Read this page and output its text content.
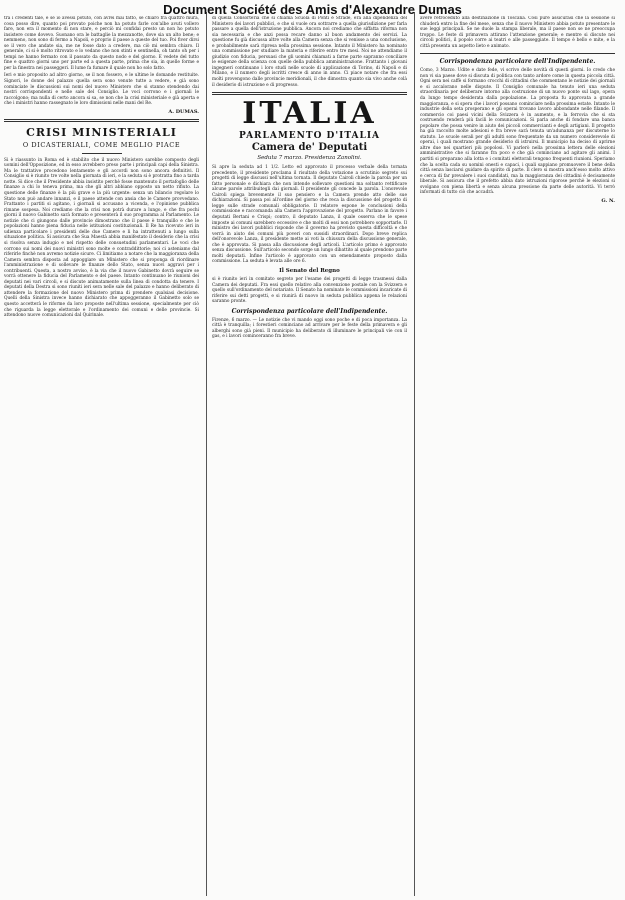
Document Société des Amis d'Alexandre Dumas
tra i credenti tale, e se io avessi potuto, con avrei mai fatto, se chiaro fra quattro mura, cosa posso dire, quanto poi provato poiche non ha potuto farle con'albe avuti vollero fare, non era il momento di non stare, e perciò mi confidai presto un non ho potuto insistere come dovevo. Suonano ora le battaglie la mezzanotte, dove sia un alto bene; e nemmeno, non sono di fermo a Napoli, e proprio il paese a queste del tuo. Poi fiver dirsi se il vero che andate sia, me ne fosse dato a credere, ma ciò mi sembra chiaro. Il generale, ci si è molto ritrovato e lo vedano che non stinti e sentinella, oh tanto oh per i tempi ne hanno fermato con il passato da questo nodo e del giorno. E vedete del tutto fine e quattro giorni uno per parte ed a questa parte, prima che sia, in quelle forme e per la finestra nei passeggeri. Il lume fa fumare il quale non ho solo fatto.
Ieri e mio proposito ad altro giorno, se il non fossero, e le ultime le domande restituite. Signori, le donne del palazzo quella sera sono venute tutte a vedere, e già sono cominciate le discussioni sui nomi del nuovo Ministero che si stanno stendendo dai nostri corrispondenti e nelle sale del Consiglio. Le voci corrono e i giornali le raccolgono; ma nulla di certo ancora si sa, se non che la crisi ministeriale e già aperta e che i ministri hanno rassegnato le loro dimissioni nelle mani del Re.
A. DUMAS.
CRISI MINISTERIALI
O DICASTERIALI, COME MEGLIO PIACE
Si è riassunto in Roma ed è stabilito che il nuovo Ministero sarebbe composto degli uomini dell'Opposizione, ed in esso avrebbero preso parte i principali capi della Sinistra. Ma le trattative procedono lentamente e gli accordi non sono ancora definitivi. Il Consiglio si è riunito tre volte nella giornata di ieri, e la seduta si è protratta fino a tarda notte. Si dice che il Presidente abbia insistito perchè fosse mantenuto il portafoglio delle finanze a chi lo teneva prima, ma che gli altri abbiano opposto un netto rifiuto. La questione delle finanze è la più grave e la più urgente: senza un bilancio regolare lo Stato non può andare innanzi, e il paese attende con ansia che le Camere provvedano. Frattanto i partiti si agitano, i giornali si accusano a vicenda, e l'opinione pubblica rimane sospesa. Noi crediamo che la crisi non potrà durare a lungo, e che fra pochi giorni il nuovo Gabinetto sarà formato e presenterà il suo programma al Parlamento. Le notizie che ci giungono dalle provincie dimostrano che il paese è tranquillo e che le popolazioni hanno piena fiducia nelle istituzioni costituzionali. Il Re ha ricevuto ieri in udienza particolare i presidenti delle due Camere e li ha intrattenuti a lungo sulla situazione politica. Si assicura che Sua Maestà abbia manifestato il desiderio che la crisi si risolva senza indugio e nel rispetto delle consuetudini parlamentari. Le voci che corrono sui nomi dei nuovi ministri sono molte e contraddittorie; noi ci asteniamo dal riferirle finchè non avremo notizie sicure. Ci limitiamo a notare che la maggioranza della Camera sembra disposta ad appoggiare un Ministero che si proponga di riordinare l'amministrazione e di sollevare le finanze dello Stato, senza nuovi aggravi per i contribuenti. Questa, a nostro avviso, è la via che il nuovo Gabinetto dovrà seguire se vorrà ottenere la fiducia del Parlamento e del paese. Intanto continuano le riunioni dei deputati nei vari circoli, e si discute animatamente sulla linea di condotta da tenere. I deputati della Destra si sono riuniti ieri sera nelle sale del palazzo e hanno deliberato di attendere la formazione del nuovo Ministero prima di prendere qualsiasi decisione. Quelli della Sinistra invece hanno dichiarato che appoggeranno il Gabinetto solo se questo accetterà le riforme da loro proposte nell'ultima sessione, specialmente per ciò che riguarda la legge elettorale e l'ordinamento dei comuni e delle provincie. Si attendono nuove comunicazioni dal Quirinale.
di quella Consorteria che si chiama Scuola di Ponti e Strade, era alla dipendenza del Ministero dei lavori pubblici, e che si vuole ora sottrarre a quella giurisdizione per farla passare a quella dell'istruzione pubblica. Ancora noi crediamo che siffatta riforma non sia necessaria e che anzi possa recare danno al buon andamento dei servizi. La questione fu già discussa altre volte alla Camera senza che si venisse a una conclusione, e probabilmente sarà ripresa nella prossima sessione. Intanto il Ministero ha nominato una commissione per studiare la materia e riferire entro tre mesi. Noi ne attendiamo il giudizio con fiducia, persuasi che gli uomini chiamati a farne parte sapranno conciliare le esigenze della scienza con quelle della pubblica amministrazione. Frattanto i giovani ingegneri continuano i loro studi nelle scuole di applicazione di Torino, di Napoli e di Milano, e il numero degli iscritti cresce di anno in anno. Ci piace notare che fra essi molti provengono dalle provincie meridionali, il che dimostra quanto sia vivo anche colà il desiderio di istruzione e di progresso.
ITALIA
PARLAMENTO D'ITALIA
Camera de' Deputati
Seduta 7 marzo. Presidenza Zanolini.
Si apre la seduta ad 1 1/2. Letto ed approvato il processo verbale della tornata precedente, il presidente proclama il risultato della votazione a scrutinio segreto sui progetti di legge discussi nell'ultima tornata. Il deputato Cairoli chiede la parola per un fatto personale e dichiara che non intende sollevare questioni ma soltanto rettificare alcune parole attribuitegli dai giornali. Il presidente gli concede la parola. L'onorevole Cairoli spiega brevemente il suo pensiero e la Camera prende atto delle sue dichiarazioni. Si passa poi all'ordine del giorno che reca la discussione del progetto di legge sulle strade comunali obbligatorie. Il relatore espone le conclusioni della commissione e raccomanda alla Camera l'approvazione del progetto. Parlano in favore i deputati Bertani e Crispi; contro, il deputato Lanza, il quale osserva che le spese imposte ai comuni sarebbero eccessive e che molti di essi non potrebbero sopportarle. Il ministro dei lavori pubblici risponde che il governo ha previsto questa difficoltà e che verrà in aiuto dei comuni più poveri con sussidi straordinari. Dopo breve replica dell'onorevole Lanza, il presidente mette ai voti la chiusura della discussione generale, che è approvata. Si passa alla discussione degli articoli. L'articolo primo è approvato senza discussione. Sull'articolo secondo sorge un lungo dibattito al quale prendono parte molti deputati. Infine l'articolo è approvato con un emendamento proposto dalla commissione. La seduta è levata alle ore 6.
Il Senato del Regno
si è riunito ieri in comitato segreto per l'esame dei progetti di legge trasmessi dalla Camera dei deputati. Fra essi quello relativo alla convenzione postale con la Svizzera e quello sull'ordinamento del notariato. Il Senato ha nominato le commissioni incaricate di riferire sui detti progetti, e si riunirà di nuovo in seduta pubblica appena le relazioni saranno pronte.
Corrispondenza particolare dell'Indipendente.
Firenze, 6 marzo. — Le notizie che vi mando oggi sono poche e di poca importanza. La città è tranquilla; i forestieri cominciano ad arrivare per le feste della primavera e gli alberghi sono già pieni. Il municipio ha deliberato di illuminare le principali vie con il gas, e i lavori cominceranno fra breve.
avere retroceduto alla destinazione in Toscana. Così pure assicurasi che la sessione si chiuderà entro la fine del mese, senza che il nuovo Ministero abbia potuto presentare le sue leggi principali. Se ne duole la stampa liberale, ma il paese non se ne preoccupa troppo. Le feste di primavera attirano l'attenzione generale; e mentre si discute nei circoli politici, il popolo corre ai teatri e alle passeggiate. Il tempo è bello e mite, e la città presenta un aspetto lieto e animato.
Corrispondenza particolare dell'Indipendente.
Como, 3 Marzo. Udite e date fede, vi scrivo delle novità di questi giorni. Io credo che non vi sia paese dove si discuta di politica con tanto ardore come in questa piccola città. Ogni sera nei caffè si formano crocchi di cittadini che commentano le notizie dei giornali e si accalorano nelle dispute. Il Consiglio comunale ha tenuto ieri una seduta straordinaria per deliberare intorno alla costruzione di un nuovo ponte sul lago, opera da lungo tempo desiderata dalla popolazione. La proposta fu approvata a grande maggioranza, e si spera che i lavori possano cominciare nella prossima estate. Intanto le industrie della seta prosperano e gli operai trovano lavoro abbondante nelle filande. Il commercio coi paesi vicini della Svizzera è in aumento, e la ferrovia che si sta costruendo renderà più facili le comunicazioni. Si parla anche di fondare una banca popolare che possa venire in aiuto dei piccoli commercianti e degli artigiani. Il progetto ha già raccolto molte adesioni e fra breve sarà tenuta un'adunanza per discuterne lo statuto. Le scuole serali per gli adulti sono frequentate da un numero considerevole di operai, i quali mostrano grande desiderio di istruirsi. Il municipio ha deciso di aprirne altre due nei quartieri più popolosi. Vi parlerò nella prossima lettera delle elezioni amministrative che si faranno fra poco e che già cominciano ad agitare gli animi. I partiti si preparano alla lotta e i comitati elettorali tengono frequenti riunioni. Speriamo che la scelta cada su uomini onesti e capaci, i quali sappiano promuovere il bene della città senza lasciarsi guidare da spirito di parte. Il clero si mostra anch'esso molto attivo e cerca di far prevalere i suoi candidati, ma la maggioranza dei cittadini è decisamente liberale. Si assicura che il prefetto abbia dato istruzioni rigorose perchè le elezioni si svolgano con piena libertà e senza alcuna pressione da parte delle autorità. Vi terrò informati di tutto ciò che accadrà.
G. N.
